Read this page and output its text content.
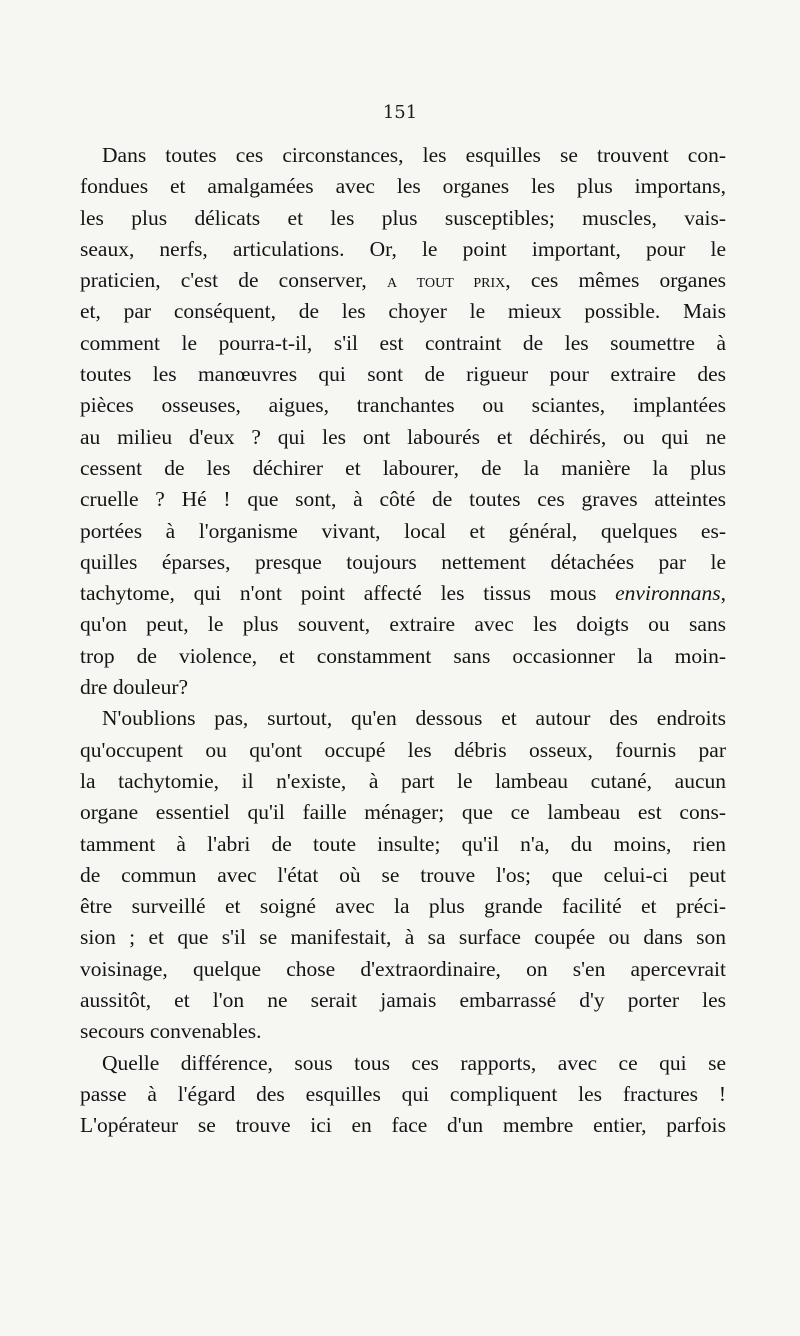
151
Dans toutes ces circonstances, les esquilles se trouvent con-
fondues et amalgamées avec les organes les plus importans,
les plus délicats et les plus susceptibles; muscles, vais-
seaux, nerfs, articulations. Or, le point important, pour le
praticien, c'est de conserver, a tout prix, ces mêmes organes
et, par conséquent, de les choyer le mieux possible. Mais
comment le pourra-t-il, s'il est contraint de les soumettre à
toutes les manœuvres qui sont de rigueur pour extraire des
pièces osseuses, aigues, tranchantes ou sciantes, implantées
au milieu d'eux ? qui les ont labourés et déchirés, ou qui ne
cessent de les déchirer et labourer, de la manière la plus
cruelle ? Hé ! que sont, à côté de toutes ces graves atteintes
portées à l'organisme vivant, local et général, quelques es-
quilles éparses, presque toujours nettement détachées par le
tachytome, qui n'ont point affecté les tissus mous environnans,
qu'on peut, le plus souvent, extraire avec les doigts ou sans
trop de violence, et constamment sans occasionner la moin-
dre douleur?
N'oublions pas, surtout, qu'en dessous et autour des endroits
qu'occupent ou qu'ont occupé les débris osseux, fournis par
la tachytomie, il n'existe, à part le lambeau cutané, aucun
organe essentiel qu'il faille ménager; que ce lambeau est cons-
tamment à l'abri de toute insulte; qu'il n'a, du moins, rien
de commun avec l'état où se trouve l'os; que celui-ci peut
être surveillé et soigné avec la plus grande facilité et préci-
sion ; et que s'il se manifestait, à sa surface coupée ou dans son
voisinage, quelque chose d'extraordinaire, on s'en apercevrait
aussitôt, et l'on ne serait jamais embarrassé d'y porter les
secours convenables.
Quelle différence, sous tous ces rapports, avec ce qui se
passe à l'égard des esquilles qui compliquent les fractures !
L'opérateur se trouve ici en face d'un membre entier, parfois
